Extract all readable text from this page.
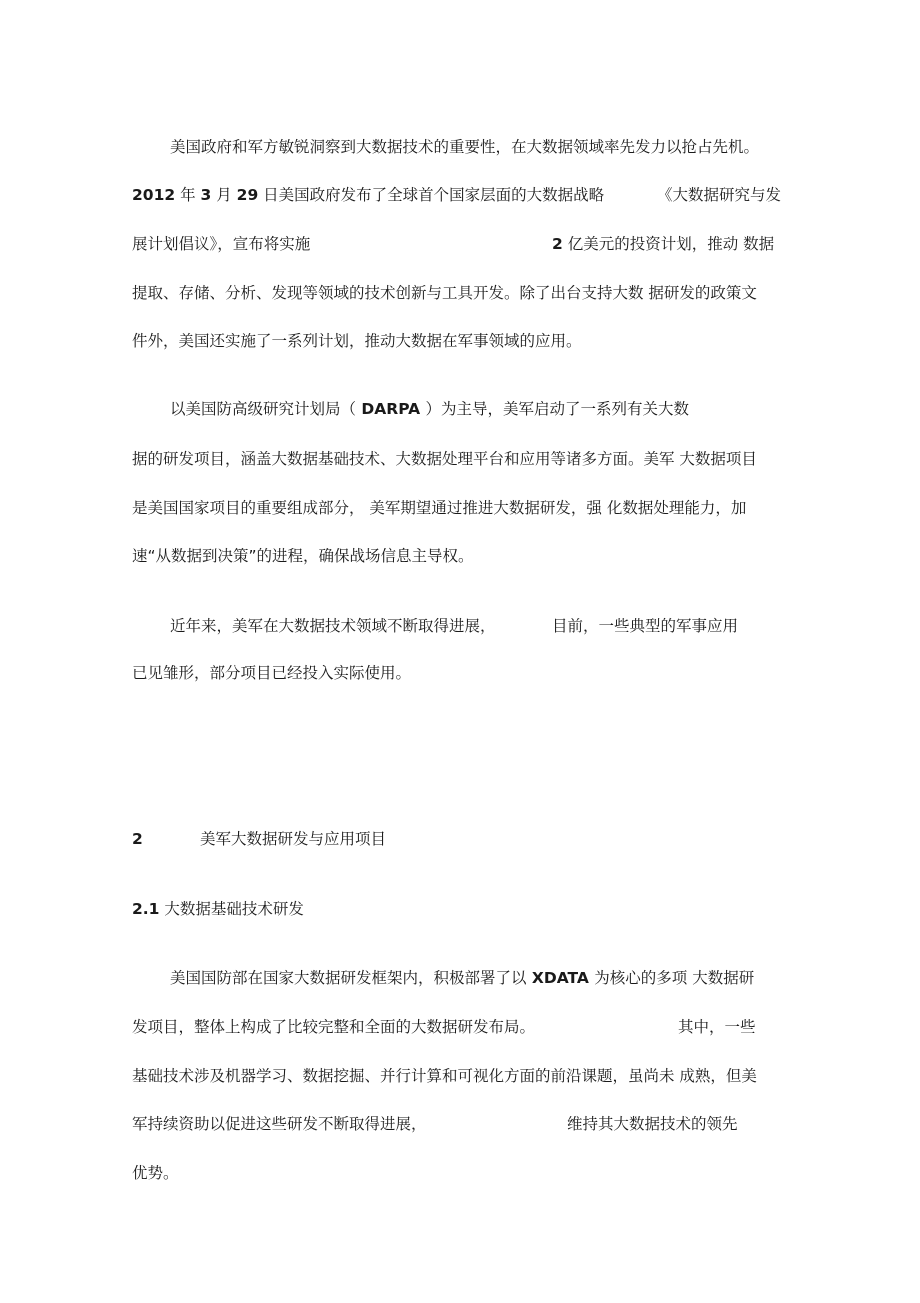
美国政府和军方敏锐洞察到大数据技术的重要性，在大数据领域率先发力以抢占先机。
2012 年 3 月 29 日美国政府发布了全球首个国家层面的大数据战略	《大数据研究与发
展计划倡议》，宣布将实施	2 亿美元的投资计划，推动 数据
提取、存储、分析、发现等领域的技术创新与工具开发。除了出台支持大数 据研发的政策文
件外，美国还实施了一系列计划，推动大数据在军事领域的应用。
以美国防高级研究计划局（ DARPA ）为主导，美军启动了一系列有关大数
据的研发项目，涵盖大数据基础技术、大数据处理平台和应用等诸多方面。美军 大数据项目
是美国国家项目的重要组成部分， 美军期望通过推进大数据研发，强 化数据处理能力，加
速“从数据到决策”的进程，确保战场信息主导权。
近年来，美军在大数据技术领域不断取得进展，	目前，一些典型的军事应用
已见雏形，部分项目已经投入实际使用。
2	美军大数据研发与应用项目
2.1 大数据基础技术研发
美国国防部在国家大数据研发框架内，积极部署了以 XDATA 为核心的多项 大数据研
发项目，整体上构成了比较完整和全面的大数据研发布局。	其中，一些
基础技术涉及机器学习、数据挖掘、并行计算和可视化方面的前沿课题，虽尚未 成熟，但美
军持续资助以促进这些研发不断取得进展，	维持其大数据技术的领先
优势。
